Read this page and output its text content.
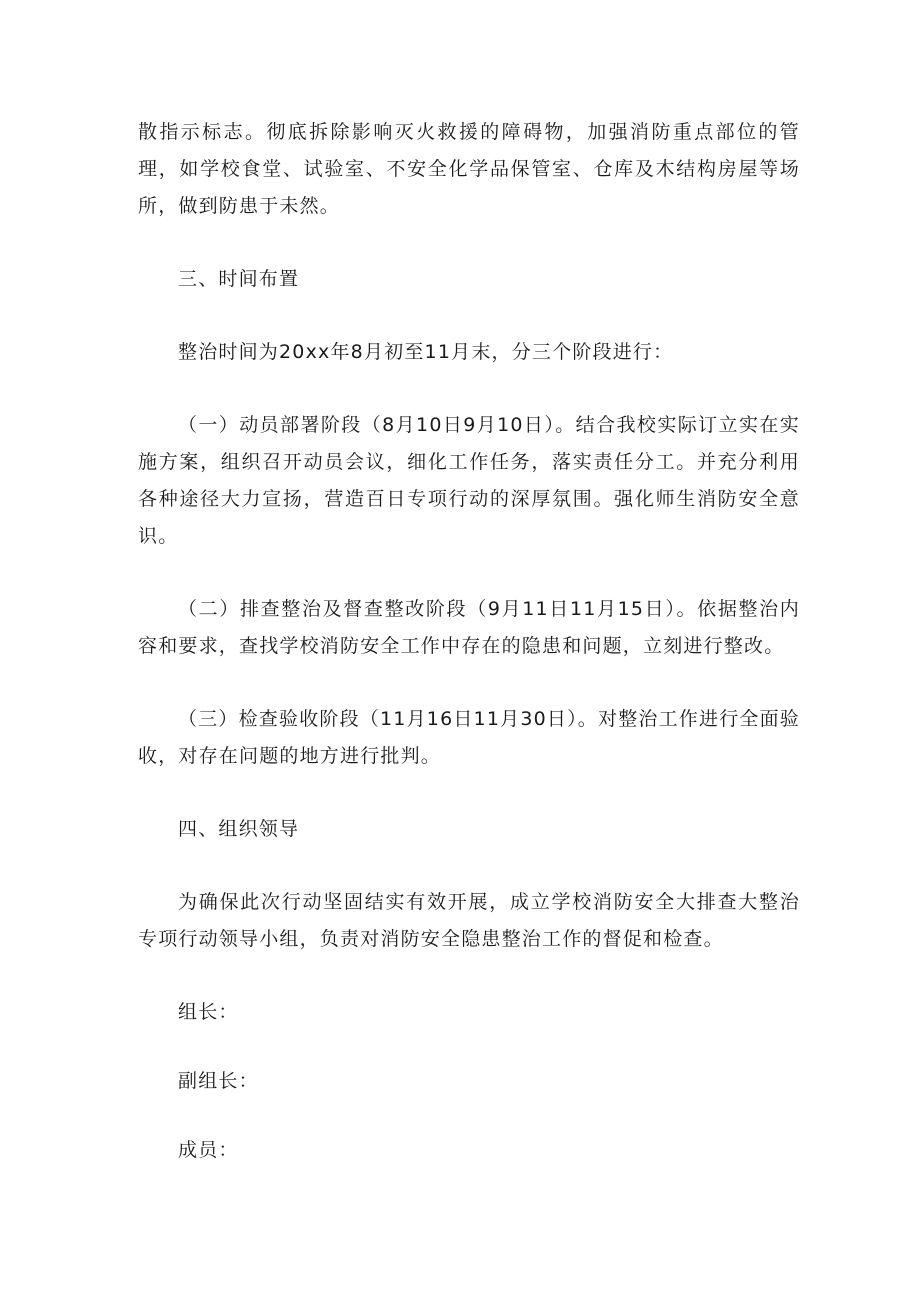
散指示标志。彻底拆除影响灭火救援的障碍物，加强消防重点部位的管理，如学校食堂、试验室、不安全化学品保管室、仓库及木结构房屋等场所，做到防患于未然。

三、时间布置

整治时间为20xx年8月初至11月末，分三个阶段进行：

（一）动员部署阶段（8月10日9月10日）。结合我校实际订立实在实施方案，组织召开动员会议，细化工作任务，落实责任分工。并充分利用各种途径大力宣扬，营造百日专项行动的深厚氛围。强化师生消防安全意识。

（二）排查整治及督查整改阶段（9月11日11月15日）。依据整治内容和要求，查找学校消防安全工作中存在的隐患和问题，立刻进行整改。

（三）检查验收阶段（11月16日11月30日）。对整治工作进行全面验收，对存在问题的地方进行批判。

四、组织领导

为确保此次行动坚固结实有效开展，成立学校消防安全大排查大整治专项行动领导小组，负责对消防安全隐患整治工作的督促和检查。

组长：

副组长：

成员：
